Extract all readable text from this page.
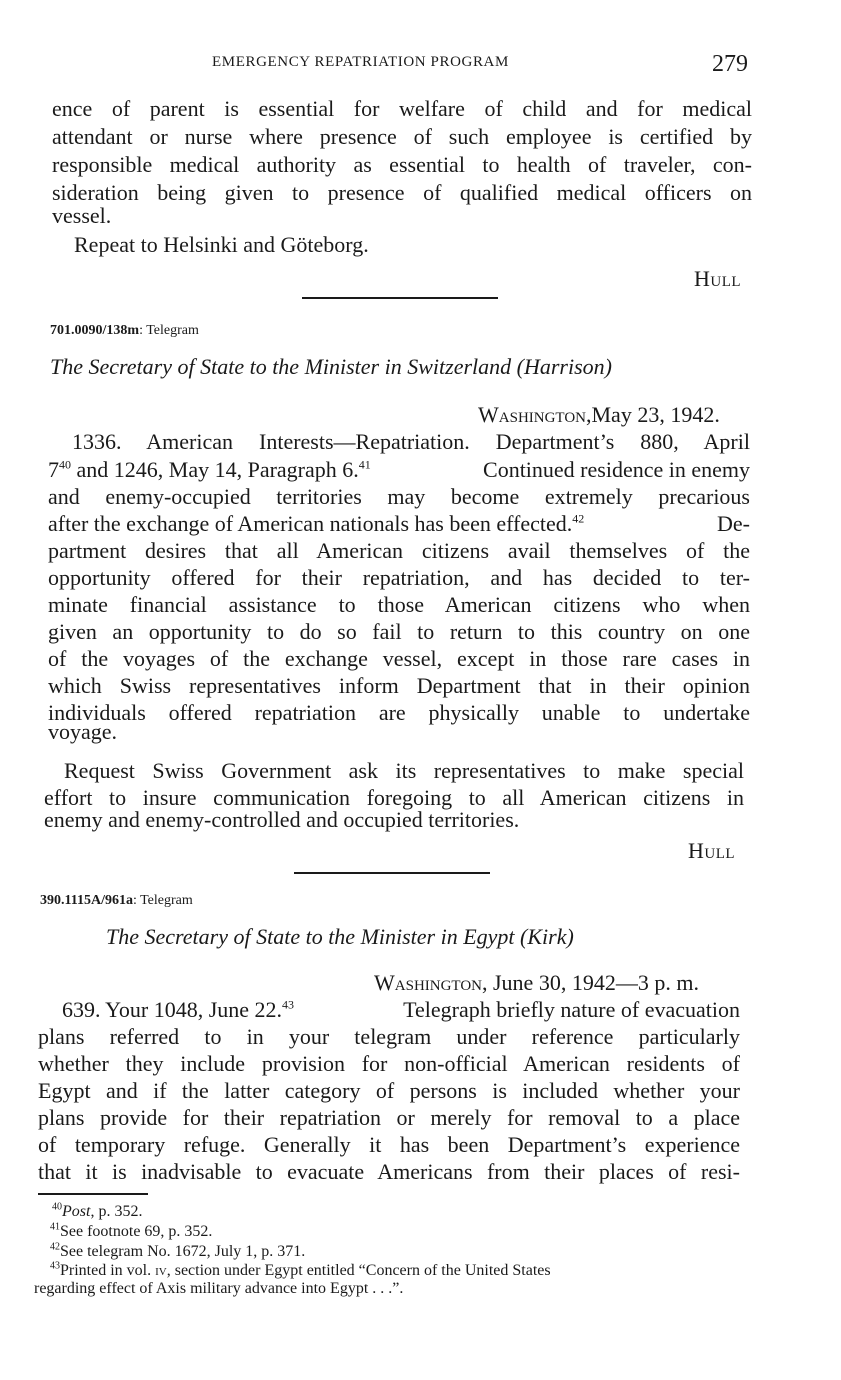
EMERGENCY REPATRIATION PROGRAM	279
ence of parent is essential for welfare of child and for medical
attendant or nurse where presence of such employee is certified by
responsible medical authority as essential to health of traveler, con-
sideration being given to presence of qualified medical officers on
vessel.
Repeat to Helsinki and Göteborg.
Hull
701.0090/138m: Telegram
The Secretary of State to the Minister in Switzerland (Harrison)
Washington,May 23, 1942.
1336. American Interests—Repatriation. Department’s 880, April
$7^{40}$ and 1246, May 14, Paragraph 6.41	Continued residence in enemy
and enemy-occupied territories may become extremely precarious
after the exchange of American nationals has been effected.$^{42}$	De-
partment desires that all American citizens avail themselves of the
opportunity offered for their repatriation, and has decided to ter-
minate financial assistance to those American citizens who when
given an opportunity to do so fail to return to this country on one
of the voyages of the exchange vessel, except in those rare cases in
which Swiss representatives inform Department that in their opinion
individuals offered repatriation are physically unable to undertake
voyage.
Request Swiss Government ask its representatives to make special
effort to insure communication foregoing to all American citizens in
enemy and enemy-controlled and occupied territories.
Hull
390.1115A/961a: Telegram
The Secretary of State to the Minister in Egypt (Kirk)
Washington, June 30, 1942—3 p. m.
639. Your 1048, June 22.43	Telegraph briefly nature of evacuation
plans referred to in your telegram under reference particularly
whether they include provision for non-official American residents of
Egypt and if the latter category of persons is included whether your
plans provide for their repatriation or merely for removal to a place
of temporary refuge. Generally it has been Department’s experience
that it is inadvisable to evacuate Americans from their places of resi-
$^{40}$Post, p. 352.
$^{41}$See footnote 69, p. 352.
$^{42}$See telegram No. 1672, July 1, p. 371.
$^{43}$Printed in vol. iv, section under Egypt entitled “Concern of the United States
regarding effect of Axis military advance into Egypt . . .”.
